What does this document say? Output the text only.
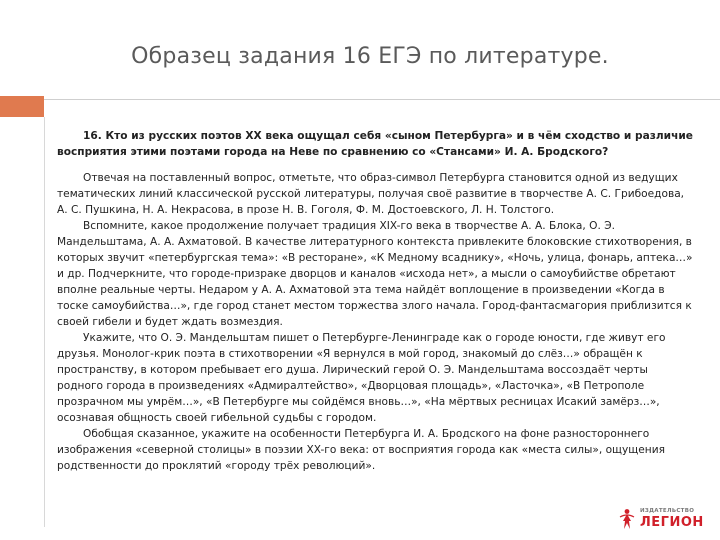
Образец задания 16 ЕГЭ по литературе.

16. Кто из русских поэтов XX века ощущал себя «сыном Петербурга» и в чём сходство и различие восприятия этими поэтами города на Неве по сравнению со «Стансами» И. А. Бродского?

Отвечая на поставленный вопрос, отметьте, что образ-символ Петербурга становится одной из ведущих тематических линий классической русской литературы, получая своё развитие в творчестве А. С. Грибоедова, А. С. Пушкина, Н. А. Некрасова, в прозе Н. В. Гоголя, Ф. М. Достоевского, Л. Н. Толстого.

Вспомните, какое продолжение получает традиция XIX-го века в творчестве А. А. Блока, О. Э. Мандельштама, А. А. Ахматовой. В качестве литературного контекста привлеките блоковские стихотворения, в которых звучит «петербургская тема»: «В ресторане», «К Медному всаднику», «Ночь, улица, фонарь, аптека…» и др. Подчеркните, что городе-призраке дворцов и каналов «исхода нет», а мысли о самоубийстве обретают вполне реальные черты. Недаром у А. А. Ахматовой эта тема найдёт воплощение в произведении «Когда в тоске самоубийства…», где город станет местом торжества злого начала. Город-фантасмагория приблизится к своей гибели и будет ждать возмездия.

Укажите, что О. Э. Мандельштам пишет о Петербурге-Ленинграде как о городе юности, где живут его друзья. Монолог-крик поэта в стихотворении «Я вернулся в мой город, знакомый до слёз…» обращён к пространству, в котором пребывает его душа. Лирический герой О. Э. Мандельштама воссоздаёт черты родного города в произведениях «Адмиралтейство», «Дворцовая площадь», «Ласточка», «В Петрополе прозрачном мы умрём…», «В Петербурге мы сойдёмся вновь…», «На мёртвых ресницах Исакий замёрз…», осознавая общность своей гибельной судьбы с городом.

Обобщая сказанное, укажите на особенности Петербурга И. А. Бродского на фоне разностороннего изображения «северной столицы» в поэзии XX-го века: от восприятия города как «места силы», ощущения родственности до проклятий «городу трёх революций».

ИЗДАТЕЛЬСТВО
ЛЕГИОН
